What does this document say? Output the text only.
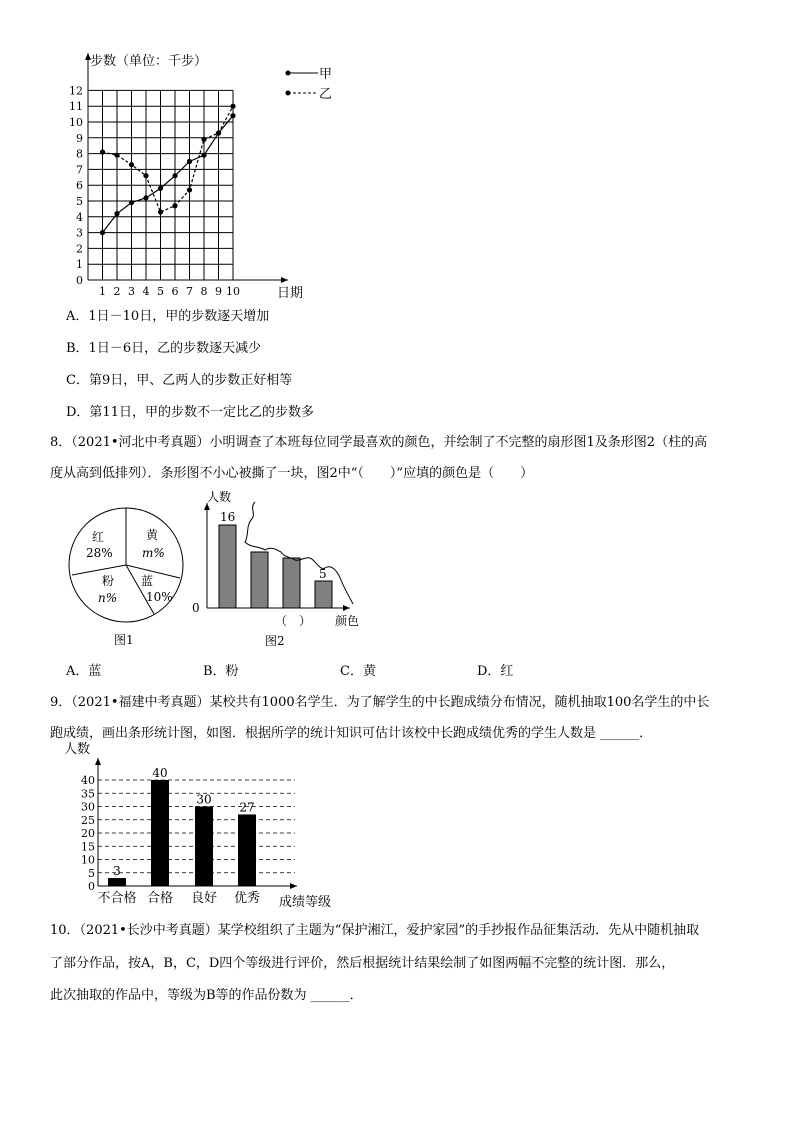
步数（单位：千步）
日期
0
1
2
3
4
5
6
7
8
9
10
11
12
1 2 3 4 5 6 7 8 9 10
甲
乙
A．1日－10日，甲的步数逐天增加
B．1日－6日，乙的步数逐天减少
C．第9日，甲、乙两人的步数正好相等
D．第11日，甲的步数不一定比乙的步数多
8．（2021•河北中考真题）小明调查了本班每位同学最喜欢的颜色，并绘制了不完整的扇形图1及条形图2（柱的高
度从高到低排列）．条形图不小心被撕了一块，图2中“（　　）”应填的颜色是（　　）
红
28%
黄
m%
蓝
10%
粉
n%
图1
人数
0
16
5
（　） 颜色
图2
A．蓝	B．粉	C．黄	D．红
9．（2021•福建中考真题）某校共有1000名学生．为了解学生的中长跑成绩分布情况，随机抽取100名学生的中长
跑成绩，画出条形统计图，如图．根据所学的统计知识可估计该校中长跑成绩优秀的学生人数是 ______．
人数
0
5
10
15
20
25
30
35
40
3
不合格
40
合格
30
良好
27
优秀 成绩等级
10．（2021•长沙中考真题）某学校组织了主题为“保护湘江，爱护家园”的手抄报作品征集活动．先从中随机抽取
了部分作品，按A，B，C，D四个等级进行评价，然后根据统计结果绘制了如图两幅不完整的统计图．那么，
此次抽取的作品中，等级为B等的作品份数为 ______．
